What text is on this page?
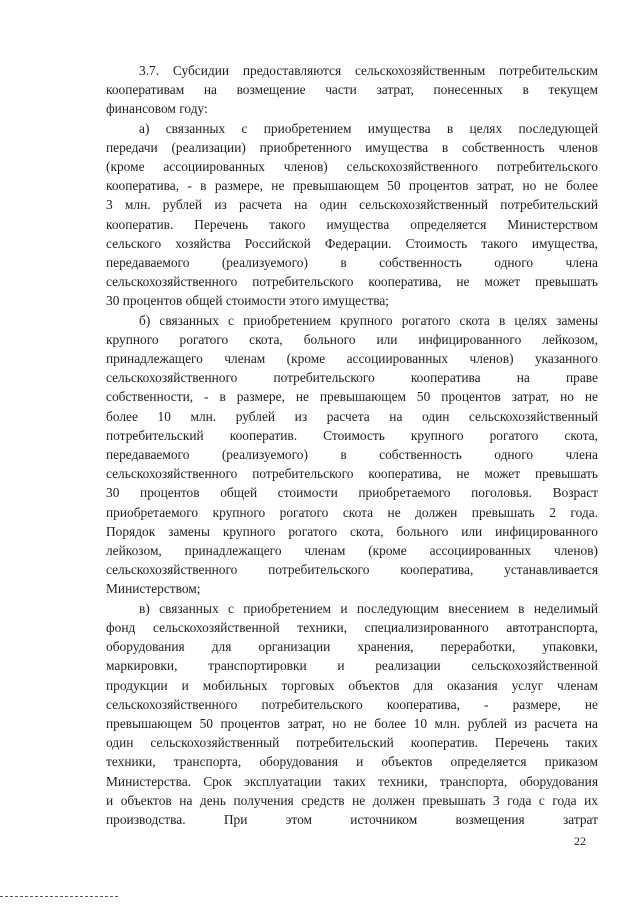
3.7. Субсидии предоставляются сельскохозяйственным потребительским
кооперативам на возмещение части затрат, понесенных в текущем
финансовом году:
а) связанных с приобретением имущества в целях последующей
передачи (реализации) приобретенного имущества в собственность членов
(кроме ассоциированных членов) сельскохозяйственного потребительского
кооператива, - в размере, не превышающем 50 процентов затрат, но не более
3 млн. рублей из расчета на один сельскохозяйственный потребительский
кооператив. Перечень такого имущества определяется Министерством
сельского хозяйства Российской Федерации. Стоимость такого имущества,
передаваемого (реализуемого) в собственность одного члена
сельскохозяйственного потребительского кооператива, не может превышать
30 процентов общей стоимости этого имущества;
б) связанных с приобретением крупного рогатого скота в целях замены
крупного рогатого скота, больного или инфицированного лейкозом,
принадлежащего членам (кроме ассоциированных членов) указанного
сельскохозяйственного потребительского кооператива на праве
собственности, - в размере, не превышающем 50 процентов затрат, но не
более 10 млн. рублей из расчета на один сельскохозяйственный
потребительский кооператив. Стоимость крупного рогатого скота,
передаваемого (реализуемого) в собственность одного члена
сельскохозяйственного потребительского кооператива, не может превышать
30 процентов общей стоимости приобретаемого поголовья. Возраст
приобретаемого крупного рогатого скота не должен превышать 2 года.
Порядок замены крупного рогатого скота, больного или инфицированного
лейкозом, принадлежащего членам (кроме ассоциированных членов)
сельскохозяйственного потребительского кооператива, устанавливается
Министерством;
в) связанных с приобретением и последующим внесением в неделимый
фонд сельскохозяйственной техники, специализированного автотранспорта,
оборудования для организации хранения, переработки, упаковки,
маркировки, транспортировки и реализации сельскохозяйственной
продукции и мобильных торговых объектов для оказания услуг членам
сельскохозяйственного потребительского кооператива, - размере, не
превышающем 50 процентов затрат, но не более 10 млн. рублей из расчета на
один сельскохозяйственный потребительский кооператив. Перечень таких
техники, транспорта, оборудования и объектов определяется приказом
Министерства. Срок эксплуатации таких техники, транспорта, оборудования
и объектов на день получения средств не должен превышать 3 года с года их
производства. При этом источником возмещения затрат
22
